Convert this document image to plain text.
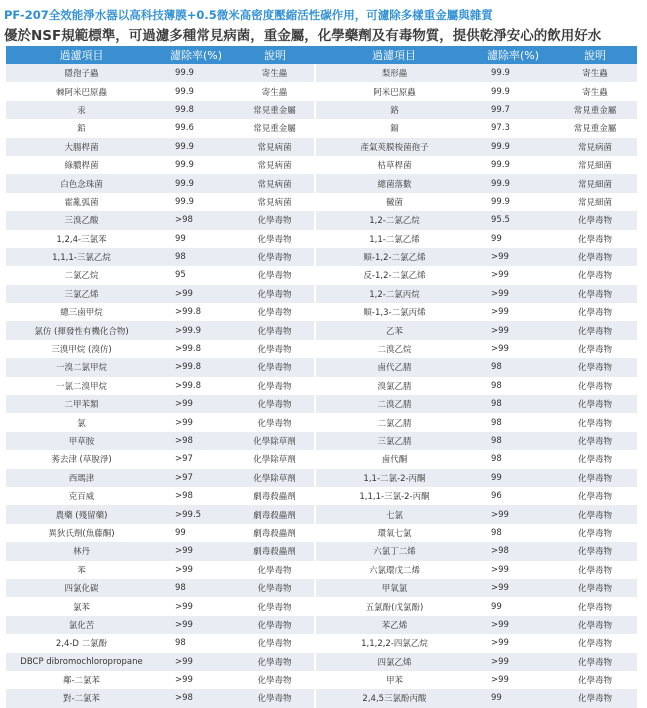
PF-207全效能淨水器以高科技薄膜+0.5微米高密度壓縮活性碳作用，可濾除多樣重金屬與雜質
優於NSF規範標準，可過濾多種常見病菌，重金屬，化學藥劑及有毒物質，提供乾淨安心的飲用好水
過濾項目	濾除率(%)	說明	過濾項目	濾除率(%)	說明
隱孢子蟲	99.9	寄生蟲	梨形蟲	99.9	寄生蟲
棘阿米巴原蟲	99.9	寄生蟲	阿米巴原蟲	99.9	寄生蟲
汞	99.8	常見重金屬	鉻	99.7	常見重金屬
鉛	99.6	常見重金屬	鎘	97.3	常見重金屬
大腸桿菌	99.9	常見病菌	產氣莢膜梭菌孢子	99.9	常見病菌
綠膿桿菌	99.9	常見病菌	枯草桿菌	99.9	常見細菌
白色念珠菌	99.9	常見病菌	總菌落數	99.9	常見細菌
霍亂弧菌	99.9	常見病菌	黴菌	99.9	常見細菌
三溴乙酸	>98	化學毒物	1,2-二氯乙烷	95.5	化學毒物
1,2,4-三氯苯	99	化學毒物	1,1-二氯乙烯	99	化學毒物
1,1,1-三氯乙烷	98	化學毒物	順-1,2-二氯乙烯	>99	化學毒物
二氯乙烷	95	化學毒物	反-1,2-二氯乙烯	>99	化學毒物
三氯乙烯	>99	化學毒物	1,2-二氯丙烷	>99	化學毒物
總三鹵甲烷	>99.8	化學毒物	順-1,3-二氯丙烯	>99	化學毒物
氯仿 (揮發性有機化合物)	>99.9	化學毒物	乙苯	>99	化學毒物
三溴甲烷 (溴仿)	>99.8	化學毒物	二溴乙烷	>99	化學毒物
一溴二氯甲烷	>99.8	化學毒物	鹵代乙腈	98	化學毒物
一氯二溴甲烷	>99.8	化學毒物	溴氯乙腈	98	化學毒物
二甲苯類	>99	化學毒物	二溴乙腈	98	化學毒物
氯	>99	化學毒物	二氯乙腈	98	化學毒物
甲草胺	>98	化學除草劑	三氯乙腈	98	化學毒物
莠去津 (草脫淨)	>97	化學除草劑	鹵代酮	98	化學毒物
西瑪津	>97	化學除草劑	1,1-二氯-2-丙酮	99	化學毒物
克百威	>98	劇毒殺蟲劑	1,1,1-三氯-2-丙酮	96	化學毒物
農藥 (殘留藥)	>99.5	劇毒殺蟲劑	七氯	>99	化學毒物
異狄氏劑(魚藤酮)	99	劇毒殺蟲劑	環氧七氯	98	化學毒物
林丹	>99	劇毒殺蟲劑	六氯丁二烯	>98	化學毒物
苯	>99	化學毒物	六氯環戊二烯	>99	化學毒物
四氯化碳	98	化學毒物	甲氧氯	>99	化學毒物
氯苯	>99	化學毒物	五氯酚(戊氯酚)	99	化學毒物
氯化苦	>99	化學毒物	苯乙烯	>99	化學毒物
2,4-D 二氯酚	98	化學毒物	1,1,2,2-四氯乙烷	>99	化學毒物
DBCP dibromochloropropane	>99	化學毒物	四氯乙烯	>99	化學毒物
鄰-二氯苯	>99	化學毒物	甲苯	>99	化學毒物
對-二氯苯	>98	化學毒物	2,4,5三氯酚丙酸	99	化學毒物
